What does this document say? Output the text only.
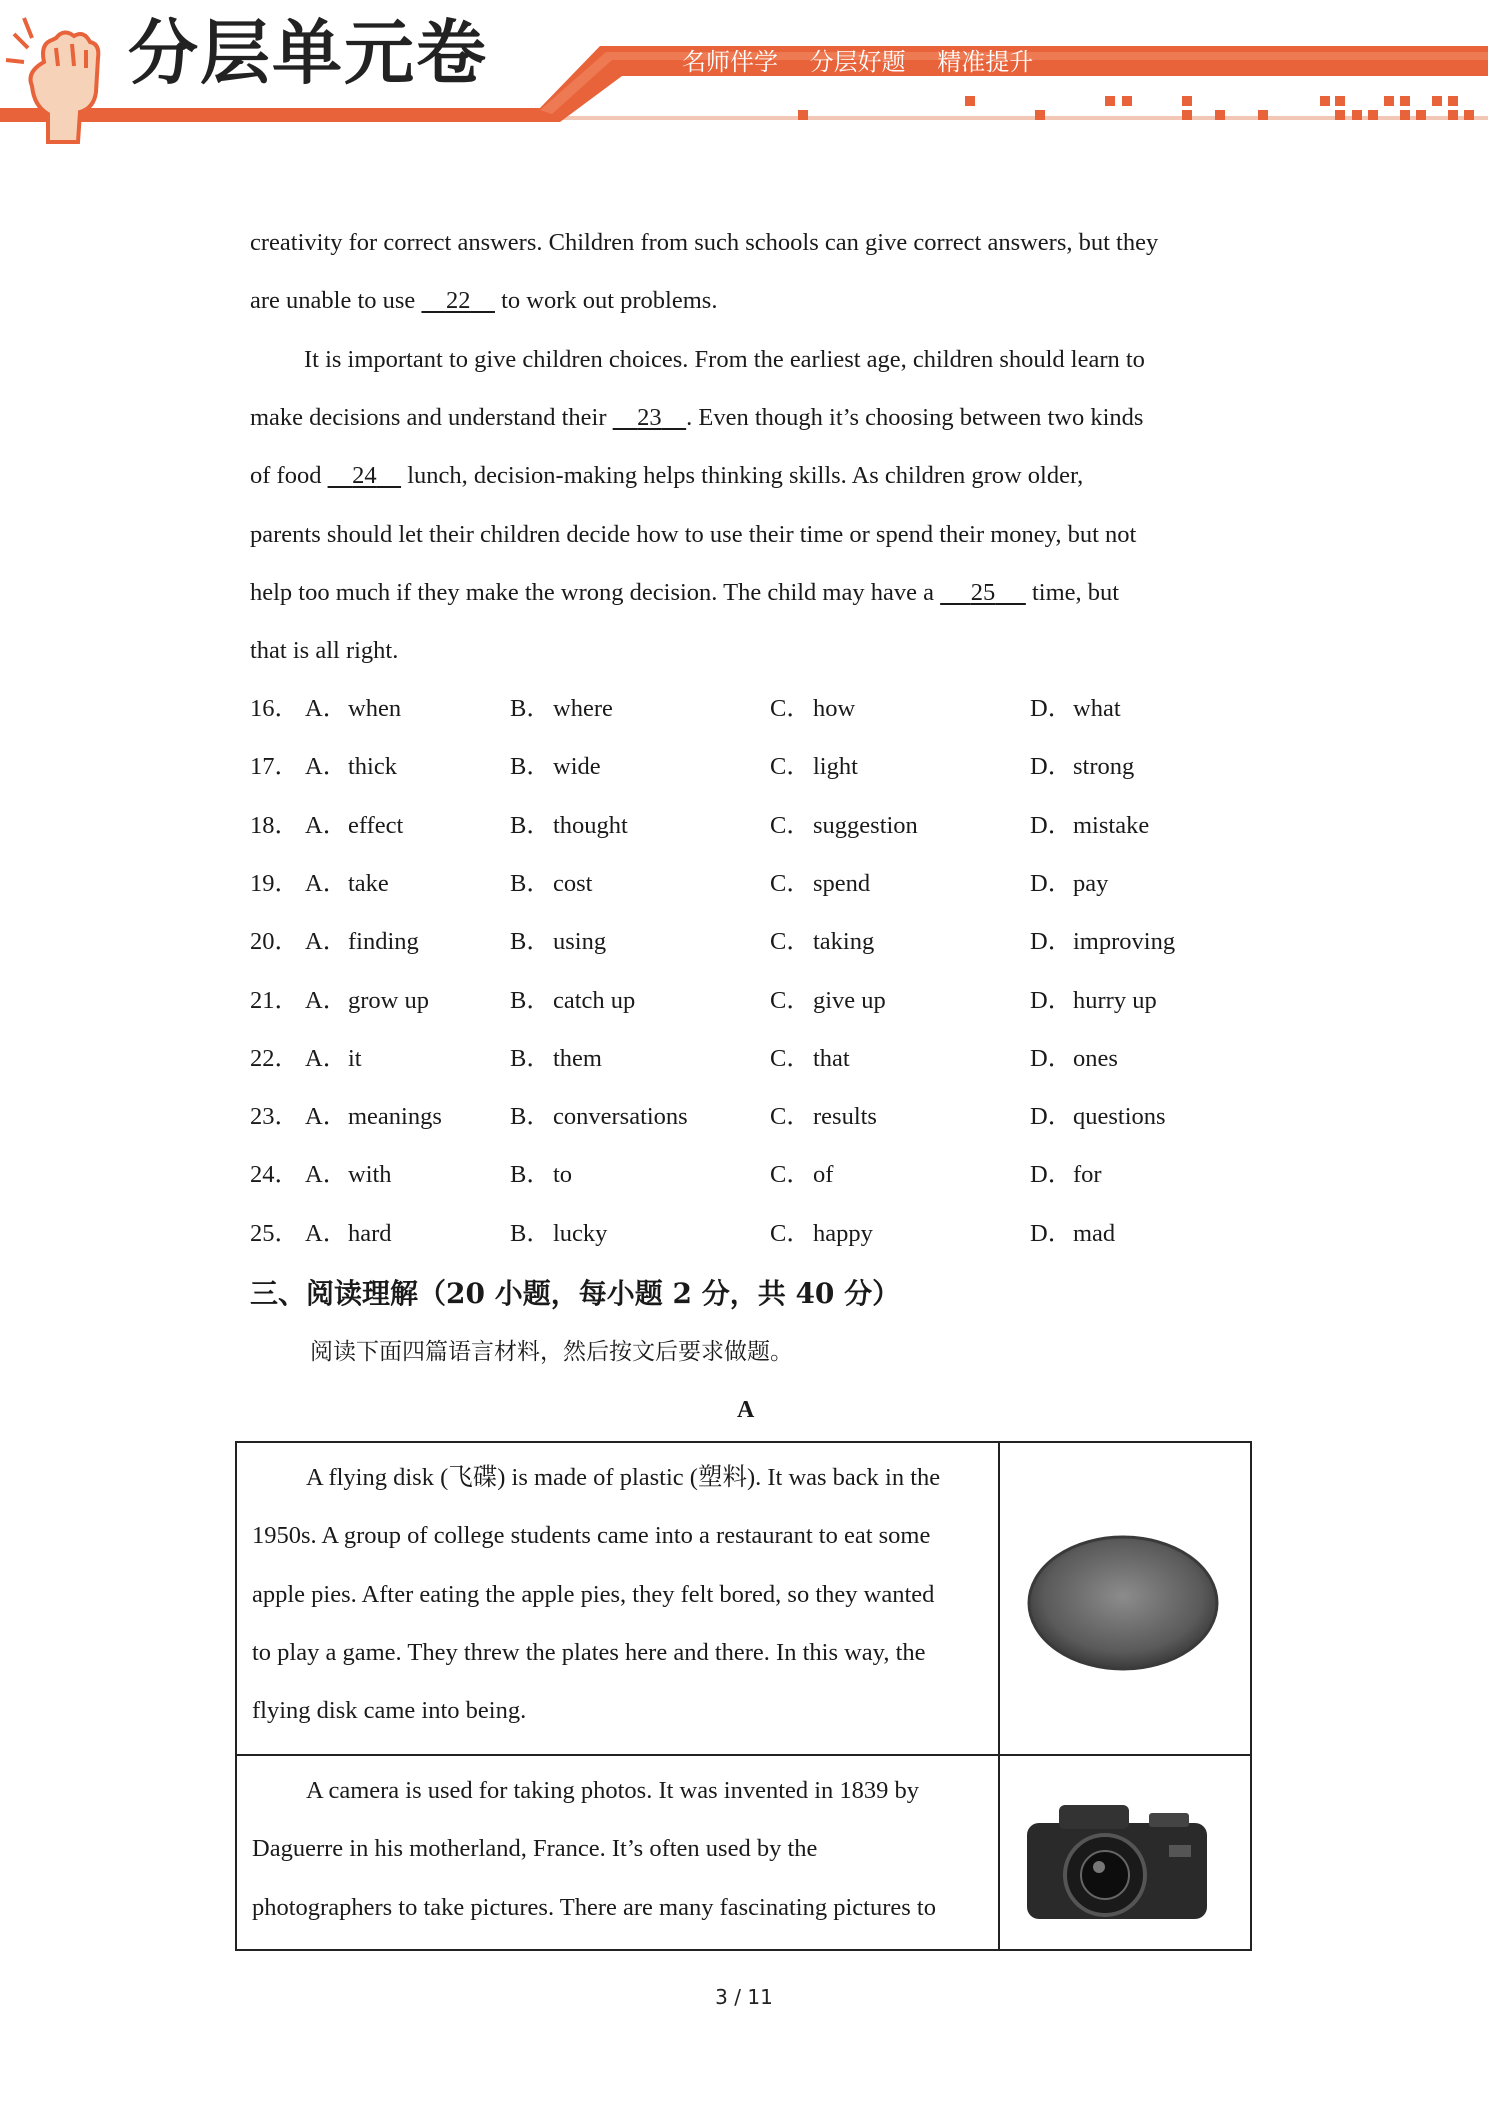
分层单元卷	名师伴学 分层好题 精准提升
creativity for correct answers. Children from such schools can give correct answers, but they
are unable to use 22 to work out problems.
It is important to give children choices. From the earliest age, children should learn to
make decisions and understand their 23 . Even though it’s choosing between two kinds
of food 24 lunch, decision-making helps thinking skills. As children grow older,
parents should let their children decide how to use their time or spend their money, but not
help too much if they make the wrong decision. The child may have a 25 time, but
that is all right.
16． A．when	B．where	C．how	D．what
17． A．thick	B．wide	C．light	D．strong
18． A．effect	B．thought	C．suggestion	D．mistake
19． A．take	B．cost	C．spend	D．pay
20． A．finding	B．using	C．taking	D．improving
21． A．grow up	B．catch up	C．give up	D．hurry up
22． A．it	B．them	C．that	D．ones
23． A．meanings	B．conversations	C．results	D．questions
24． A．with	B．to	C．of	D．for
25． A．hard	B．lucky	C．happy	D．mad
三、阅读理解（20 小题，每小题 2 分，共 40 分）
阅读下面四篇语言材料，然后按文后要求做题。
A
A flying disk (飞碟) is made of plastic (塑料). It was back in the
1950s. A group of college students came into a restaurant to eat some
apple pies. After eating the apple pies, they felt bored, so they wanted
to play a game. They threw the plates here and there. In this way, the
flying disk came into being.
A camera is used for taking photos. It was invented in 1839 by
Daguerre in his motherland, France. It’s often used by the
photographers to take pictures. There are many fascinating pictures to
3 / 11
